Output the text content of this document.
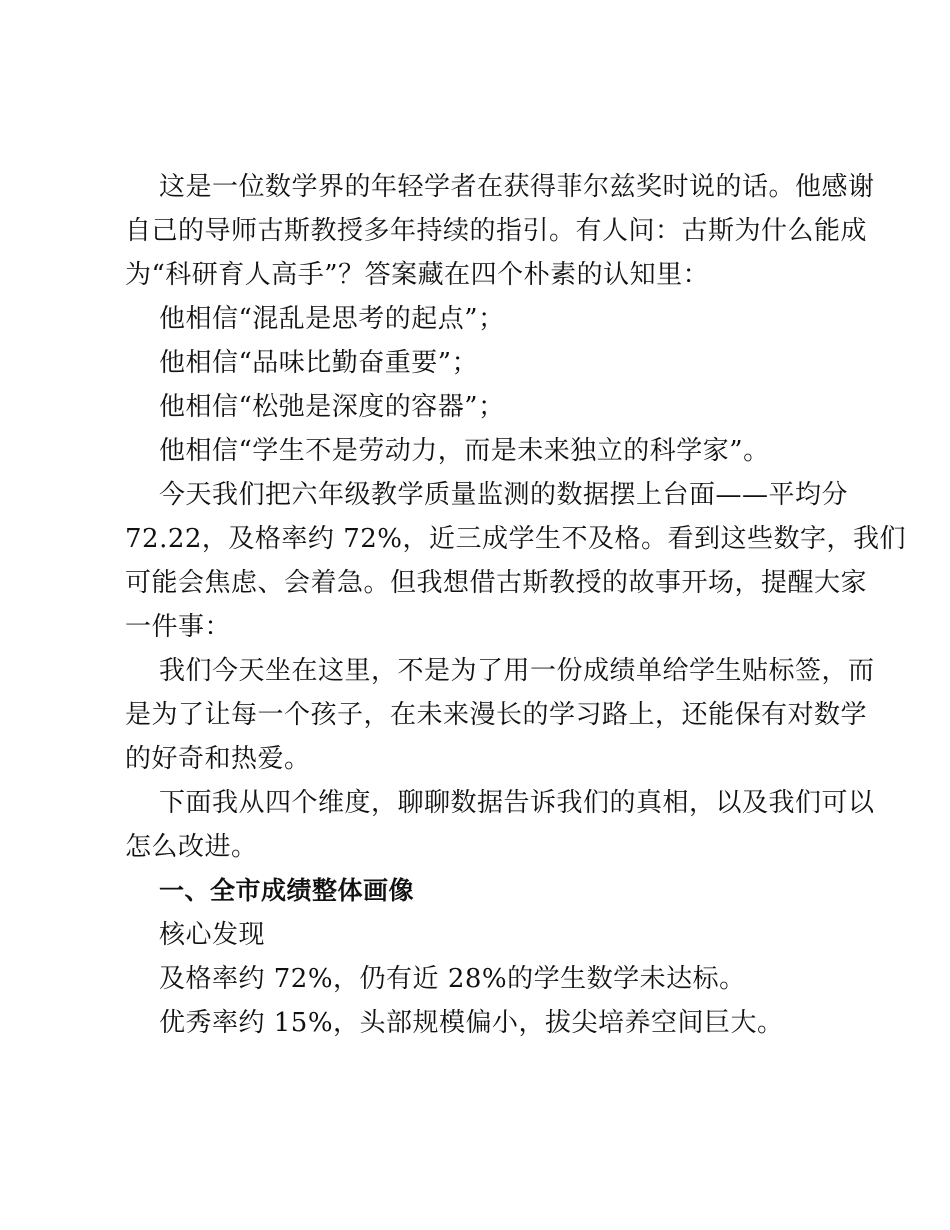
这是一位数学界的年轻学者在获得菲尔兹奖时说的话。他感谢
自己的导师古斯教授多年持续的指引。有人问：古斯为什么能成
为“科研育人高手”？答案藏在四个朴素的认知里：
他相信“混乱是思考的起点”；
他相信“品味比勤奋重要”；
他相信“松弛是深度的容器”；
他相信“学生不是劳动力，而是未来独立的科学家”。
今天我们把六年级教学质量监测的数据摆上台面——平均分
72.22，及格率约 72%，近三成学生不及格。看到这些数字，我们
可能会焦虑、会着急。但我想借古斯教授的故事开场，提醒大家
一件事：
我们今天坐在这里，不是为了用一份成绩单给学生贴标签，而
是为了让每一个孩子，在未来漫长的学习路上，还能保有对数学
的好奇和热爱。
下面我从四个维度，聊聊数据告诉我们的真相，以及我们可以
怎么改进。
一、全市成绩整体画像
核心发现
及格率约 72%，仍有近 28%的学生数学未达标。
优秀率约 15%，头部规模偏小，拔尖培养空间巨大。
